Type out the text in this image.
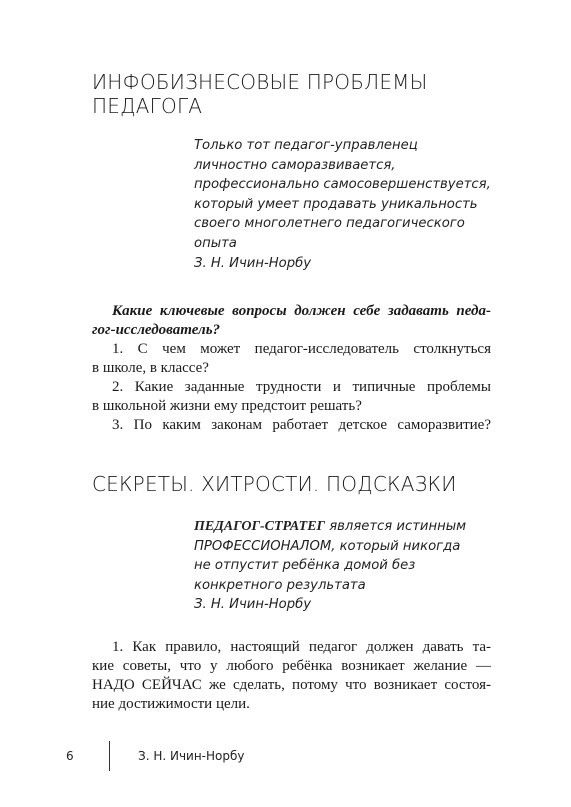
ИНФОБИЗНЕСОВЫЕ ПРОБЛЕМЫ
ПЕДАГОГА
Только тот педагог-управленец
личностно саморазвивается,
профессионально самосовершенствуется,
который умеет продавать уникальность
своего многолетнего педагогического
опыта
З. Н. Ичин-Норбу
Какие ключевые вопросы должен себе задавать педа-
гог-исследователь?
1. С чем может педагог-исследователь столкнуться
в школе, в классе?
2. Какие заданные трудности и типичные проблемы
в школьной жизни ему предстоит решать?
3. По каким законам работает детское саморазвитие?
СЕКРЕТЫ. ХИТРОСТИ. ПОДСКАЗКИ
ПЕДАГОГ-СТРАТЕГ является истинным
ПРОФЕССИОНАЛОМ, который никогда
не отпустит ребёнка домой без
конкретного результата
З. Н. Ичин-Норбу
1. Как правило, настоящий педагог должен давать та-
кие советы, что у любого ребёнка возникает желание —
НАДО СЕЙЧАС же сделать, потому что возникает состоя-
ние достижимости цели.
6	З. Н. Ичин-Норбу
